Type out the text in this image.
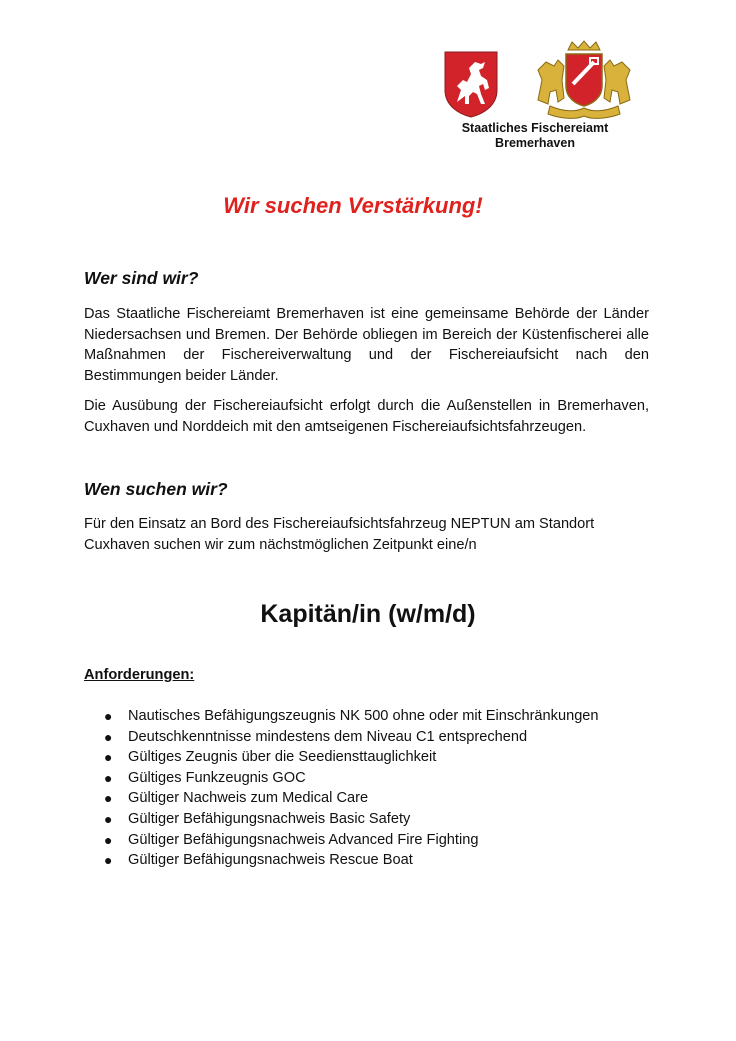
Staatliches Fischereiamt
Bremerhaven
Wir suchen Verstärkung!
Wer sind wir?

Das Staatliche Fischereiamt Bremerhaven ist eine gemeinsame Behörde der Länder Niedersachsen und Bremen. Der Behörde obliegen im Bereich der Küstenfischerei alle Maßnahmen der Fischereiverwaltung und der Fischereiaufsicht nach den Bestimmungen beider Länder.

Die Ausübung der Fischereiaufsicht erfolgt durch die Außenstellen in Bremerhaven, Cuxhaven und Norddeich mit den amtseigenen Fischereiaufsichtsfahrzeugen.

Wen suchen wir?

Für den Einsatz an Bord des Fischereiaufsichtsfahrzeug NEPTUN am Standort Cuxhaven suchen wir zum nächstmöglichen Zeitpunkt eine/n

Kapitän/in (w/m/d)
Anforderungen:
● Nautisches Befähigungszeugnis NK 500 ohne oder mit Einschränkungen
● Deutschkenntnisse mindestens dem Niveau C1 entsprechend
● Gültiges Zeugnis über die Seediensttauglichkeit
● Gültiges Funkzeugnis GOC
● Gültiger Nachweis zum Medical Care
● Gültiger Befähigungsnachweis Basic Safety
● Gültiger Befähigungsnachweis Advanced Fire Fighting
● Gültiger Befähigungsnachweis Rescue Boat
